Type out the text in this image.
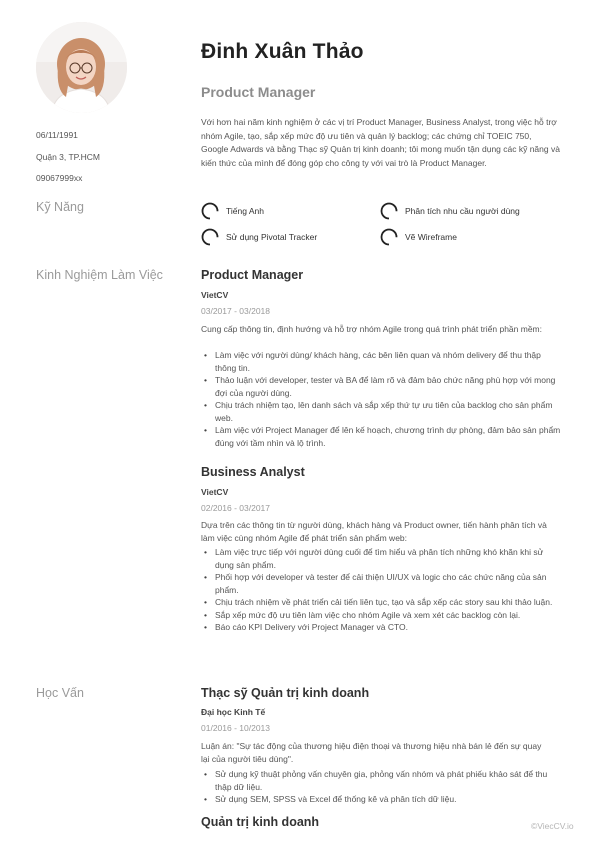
Đinh Xuân Thảo
Product Manager
Với hơn hai năm kinh nghiệm ở các vị trí Product Manager, Business Analyst, trong việc hỗ trợ nhóm Agile, tạo, sắp xếp mức độ ưu tiên và quản lý backlog; các chứng chỉ TOEIC 750, Google Adwards và bằng Thạc sỹ Quản trị kinh doanh; tôi mong muốn tận dụng các kỹ năng và kiến thức của mình để đóng góp cho công ty với vai trò là Product Manager.
06/11/1991
Quận 3, TP.HCM
09067999xx
Kỹ Năng	Tiếng Anh	Phân tích nhu cầu người dùng
Sử dụng Pivotal Tracker	Vẽ Wireframe
Kinh Nghiệm Làm Việc	Product Manager
VietCV
03/2017 - 03/2018
Cung cấp thông tin, định hướng và hỗ trợ nhóm Agile trong quá trình phát triển phần mềm:
• Làm việc với người dùng/ khách hàng, các bên liên quan và nhóm delivery để thu thập thông tin.
• Thảo luận với developer, tester và BA để làm rõ và đảm bảo chức năng phù hợp với mong đợi của người dùng.
• Chịu trách nhiệm tạo, lên danh sách và sắp xếp thứ tự ưu tiên của backlog cho sản phẩm web.
• Làm việc với Project Manager để lên kế hoạch, chương trình dự phòng, đảm bảo sản phẩm đúng với tầm nhìn và lộ trình.
Business Analyst
VietCV
02/2016 - 03/2017
Dựa trên các thông tin từ người dùng, khách hàng và Product owner, tiến hành phân tích và làm việc cùng nhóm Agile để phát triển sản phẩm web:
• Làm việc trực tiếp với người dùng cuối để tìm hiểu và phân tích những khó khăn khi sử dụng sản phẩm.
• Phối hợp với developer và tester để cải thiện UI/UX và logic cho các chức năng của sản phẩm.
• Chịu trách nhiệm về phát triển cải tiến liên tục, tạo và sắp xếp các story sau khi thảo luận.
• Sắp xếp mức độ ưu tiên làm việc cho nhóm Agile và xem xét các backlog còn lại.
• Báo cáo KPI Delivery với Project Manager và CTO.
Học Vấn	Thạc sỹ Quản trị kinh doanh
Đại học Kinh Tế
01/2016 - 10/2013
Luận án: "Sự tác động của thương hiệu điện thoại và thương hiệu nhà bán lẻ đến sự quay lại của người tiêu dùng".
• Sử dụng kỹ thuật phỏng vấn chuyên gia, phỏng vấn nhóm và phát phiếu khảo sát để thu thập dữ liệu.
• Sử dụng SEM, SPSS và Excel để thống kê và phân tích dữ liệu.
Quản trị kinh doanh	©ViecCV.io
